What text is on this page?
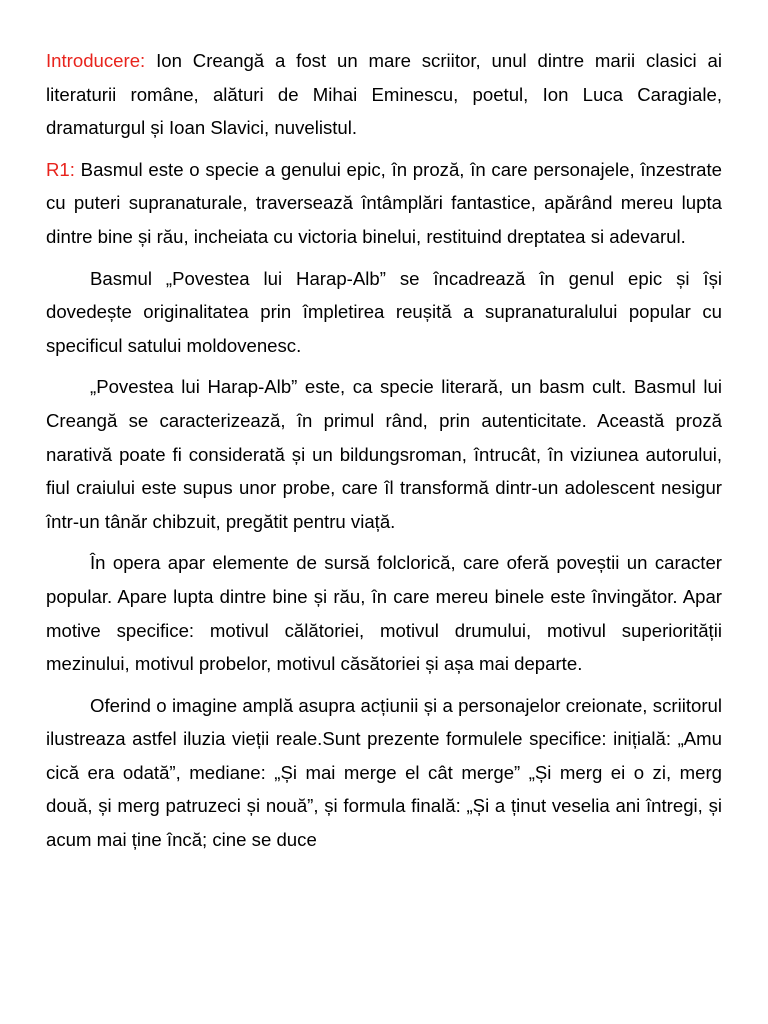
Introducere: Ion Creangă a fost un mare scriitor, unul dintre marii clasici ai literaturii române, alături de Mihai Eminescu, poetul, Ion Luca Caragiale, dramaturgul și Ioan Slavici, nuvelistul.

R1: Basmul este o specie a genului epic, în proză, în care personajele, înzestrate cu puteri supranaturale, traversează întâmplări fantastice, apărând mereu lupta dintre bine și rău, incheiata cu victoria binelui, restituind dreptatea si adevarul.

Basmul „Povestea lui Harap-Alb” se încadrează în genul epic și își dovedește originalitatea prin împletirea reușită a supranaturalului popular cu specificul satului moldovenesc.

„Povestea lui Harap-Alb” este, ca specie literară, un basm cult. Basmul lui Creangă se caracterizează, în primul rând, prin autenticitate. Această proză narativă poate fi considerată și un bildungsroman, întrucât, în viziunea autorului, fiul craiului este supus unor probe, care îl transformă dintr-un adolescent nesigur într-un tânăr chibzuit, pregătit pentru viață.

În opera apar elemente de sursă folclorică, care oferă poveștii un caracter popular. Apare lupta dintre bine și rău, în care mereu binele este învingător. Apar motive specifice: motivul călătoriei, motivul drumului, motivul superiorității mezinului, motivul probelor, motivul căsătoriei și așa mai departe.

Oferind o imagine amplă asupra acțiunii și a personajelor creionate, scriitorul ilustreaza astfel iluzia vieții reale.Sunt prezente formulele specifice: inițială: „Amu cică era odată”, mediane: „Și mai merge el cât merge” „Și merg ei o zi, merg două, și merg patruzeci și nouă”, și formula finală: „Și a ținut veselia ani întregi, și acum mai ține încă; cine se duce
